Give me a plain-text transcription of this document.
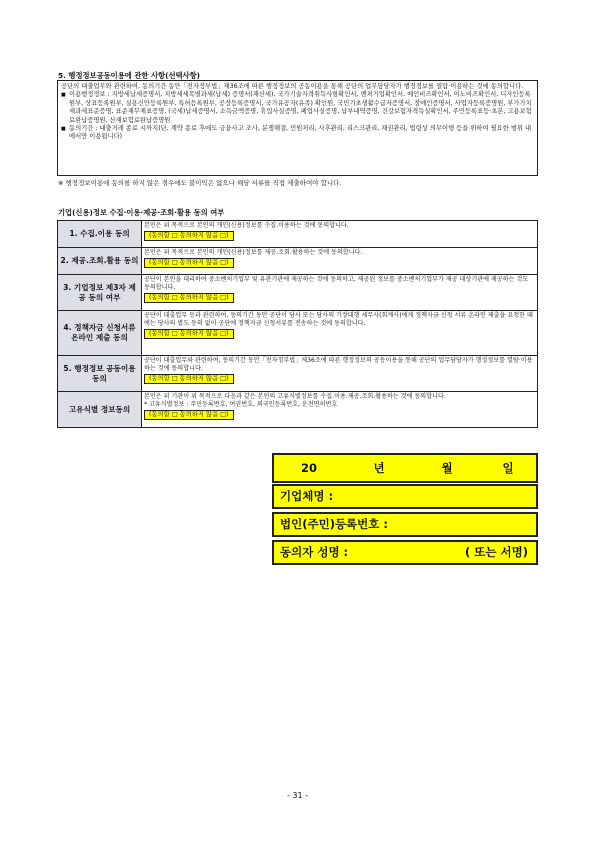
5. 행정정보공동이용에 관한 사항(선택사항)

공단의 대출업무와 관련하여, 동의기간 동안「전자정부법」제36조에 따른 행정정보의 공동이용을 통해 공단의 업무담당자가 행정정보를 열람·이용하는 것에 동의합니다.

■ 이용행정정보 : 지방세납세증명서, 지방세세목별과세(납세) 증명서(재산세), 국가기술자격취득사항확인서, 벤처기업확인서, 메인비즈확인서, 이노비즈확인서, 디자인등록원부, 상표등록원부, 실용신안등록원부, 특허등록원부, 공장등록증명서, 국가유공자(유족) 확인원, 국민기초생활수급자증명서, 장애인증명서, 사업자등록증명원, 부가가치세과세표준증명, 표준재무제표증명, (국세)납세증명서, 소득금액증명, 휴업사실증명, 폐업사실증명, 납부내역증명, 건강보험자격득실확인서, 주민등록표등·초본, 고용보험료완납증명원, 산재보험료완납증명원
■ 동의기간 : 대출거래 종료 시까지(단, 계약 종료 후에도 금융사고 조사, 분쟁해결, 민원처리, 사후관리, 리스크관리, 채권관리, 법령상 의무이행 등을 위하여 필요한 범위 내에서만 이용됩니다)
※ 행정정보이용에 동의를 하지 않은 경우에도 불이익은 없으나 해당 서류를 직접 제출하여야 합니다.
기업(신용)정보 수집·이용·제공·조회·활용 동의 여부
1. 수집.이용 동의	본인은 위 목적으로 본인의 개인(신용)정보를 수집.이용하는 것에 동의합니다.
(동의함 □ 동의하지 않음 □)
2. 제공.조회.활용 동의	본인은 위 목적으로 본인의 개인(신용)정보를 제공.조회.활용하는 것에 동의합니다.
(동의함 □ 동의하지 않음 □)
3. 기업정보 제3자 제공 동의 여부	공단이 본인을 대리하여 중소벤처기업부 및 유관기관에 제공하는 것에 동의하고, 제공된 정보를 중소벤처기업부가 제공 대상기관에 제공하는 것도 동의합니다.
(동의함 □ 동의하지 않음 □)
4. 정책자금 신청서류 온라인 제출 동의	공단이 대출업무 등과 관련하여, 동의기간 동안 공단이 당사 또는 당사의 기장대행 세무사(회계사)에게 정책자금 신청 서류 온라인 제출을 요청한 때에는 당사의 별도 동의 없이 공단에 정책자금 신청서류를 전송하는 것에 동의합니다.
(동의함 □ 동의하지 않음 □)
5. 행정정보 공동이용 동의	공단이 대출업무와 관련하여, 동의기간 동안「전자정부법」제36조에 따른 행정정보의 공동이용을 통해 공단의 업무담당자가 행정정보를 열람·이용하는 것에 동의합니다.
(동의함 □ 동의하지 않음 □)
고유식별 정보동의	본인은 위 기관이 위 목적으로 다음과 같은 본인의 고유식별정보를 수집.이용.제공.조회.활용하는 것에 동의합니다.
* 고유식별정보 : 주민등록번호, 여권번호, 외국인등록번호, 운전면허번호
(동의함 □ 동의하지 않음 □)
20	년	월	일
기업체명 :
법인(주민)등록번호 :
동의자 성명 :	( 또는 서명)
- 31 -
